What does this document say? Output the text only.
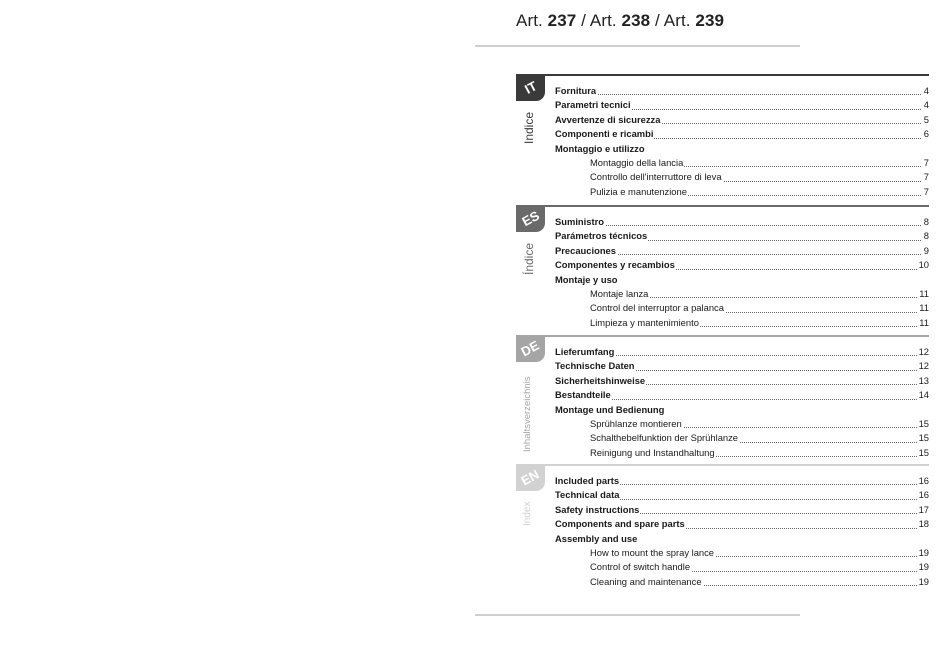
Art. 237 / Art. 238 / Art. 239
IT
Indice
Fornitura	4
Parametri tecnici	4
Avvertenze di sicurezza	5
Componenti e ricambi	6
Montaggio e utilizzo
Montaggio della lancia	7
Controllo dell'interruttore di leva	7
Pulizia e manutenzione	7
ES
Índice
Suministro	8
Parámetros técnicos	8
Precauciones	9
Componentes y recambios	10
Montaje y uso
Montaje lanza	11
Control del interruptor a palanca	11
Limpieza y mantenimiento	11
DE
Inhaltsverzeichnis
Lieferumfang	12
Technische Daten	12
Sicherheitshinweise	13
Bestandteile	14
Montage und Bedienung
Sprühlanze montieren	15
Schalthebelfunktion der Sprühlanze	15
Reinigung und Instandhaltung	15
EN
Index
Included parts	16
Technical data	16
Safety instructions	17
Components and spare parts	18
Assembly and use
How to mount the spray lance	19
Control of switch handle	19
Cleaning and maintenance	19
